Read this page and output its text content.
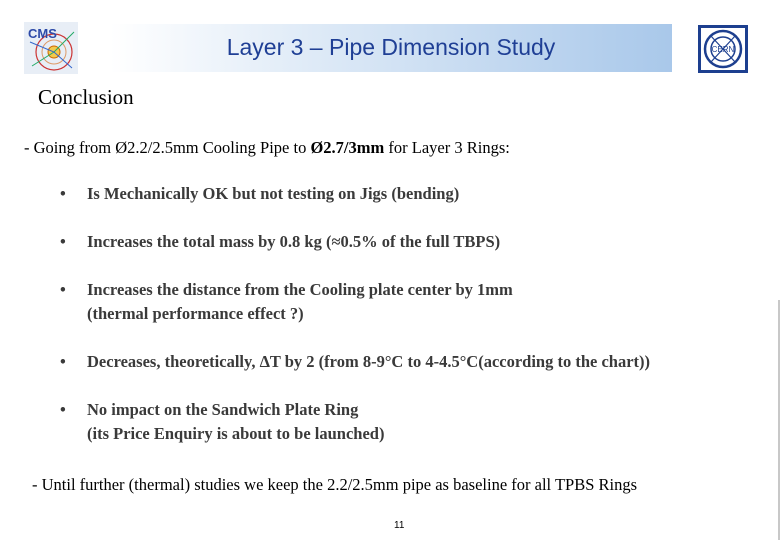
CMS
Layer 3 – Pipe Dimension Study	CERN
Conclusion
- Going from Ø2.2/2.5mm Cooling Pipe to Ø2.7/3mm for Layer 3 Rings:
• Is Mechanically OK but not testing on Jigs (bending)
• Increases the total mass by 0.8 kg (≈0.5% of the full TBPS)
• Increases the distance from the Cooling plate center by 1mm
(thermal performance effect ?)
• Decreases, theoretically, ΔT by 2 (from 8-9°C to 4-4.5°C(according to the chart))
• No impact on the Sandwich Plate Ring
(its Price Enquiry is about to be launched)
- Until further (thermal) studies we keep the 2.2/2.5mm pipe as baseline for all TPBS Rings
11
